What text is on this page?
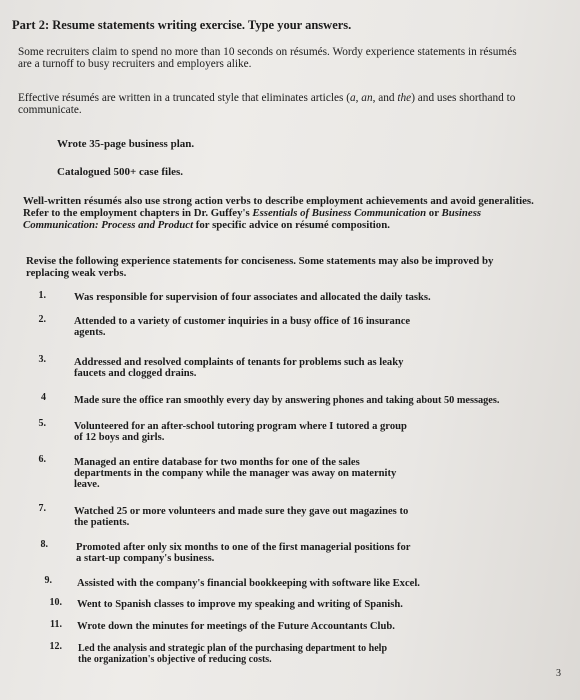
Part 2: Resume statements writing exercise. Type your answers.

Some recruiters claim to spend no more than 10 seconds on résumés. Wordy experience statements in résumés

are a turnoff to busy recruiters and employers alike.

Effective résumés are written in a truncated style that eliminates articles (a, an, and the) and uses shorthand to

communicate.

Wrote 35-page business plan.

Catalogued 500+ case files.

Well-written résumés also use strong action verbs to describe employment achievements and avoid generalities.

Refer to the employment chapters in Dr. Guffey's Essentials of Business Communication or Business

Communication: Process and Product for specific advice on résumé composition.

Revise the following experience statements for conciseness. Some statements may also be improved by

replacing weak verbs.

1.	Was responsible for supervision of four associates and allocated the daily tasks.
2.	Attended to a variety of customer inquiries in a busy office of 16 insurance
agents.
3.	Addressed and resolved complaints of tenants for problems such as leaky
faucets and clogged drains.
4	Made sure the office ran smoothly every day by answering phones and taking about 50 messages.
5.	Volunteered for an after-school tutoring program where I tutored a group
of 12 boys and girls.
6.	Managed an entire database for two months for one of the sales
departments in the company while the manager was away on maternity
leave.
7.	Watched 25 or more volunteers and made sure they gave out magazines to
the patients.
8.	Promoted after only six months to one of the first managerial positions for
a start-up company's business.
9. Assisted with the company's financial bookkeeping with software like Excel.
10. Went to Spanish classes to improve my speaking and writing of Spanish.
11. Wrote down the minutes for meetings of the Future Accountants Club.
12. Led the analysis and strategic plan of the purchasing department to help
the organization's objective of reducing costs.
3
